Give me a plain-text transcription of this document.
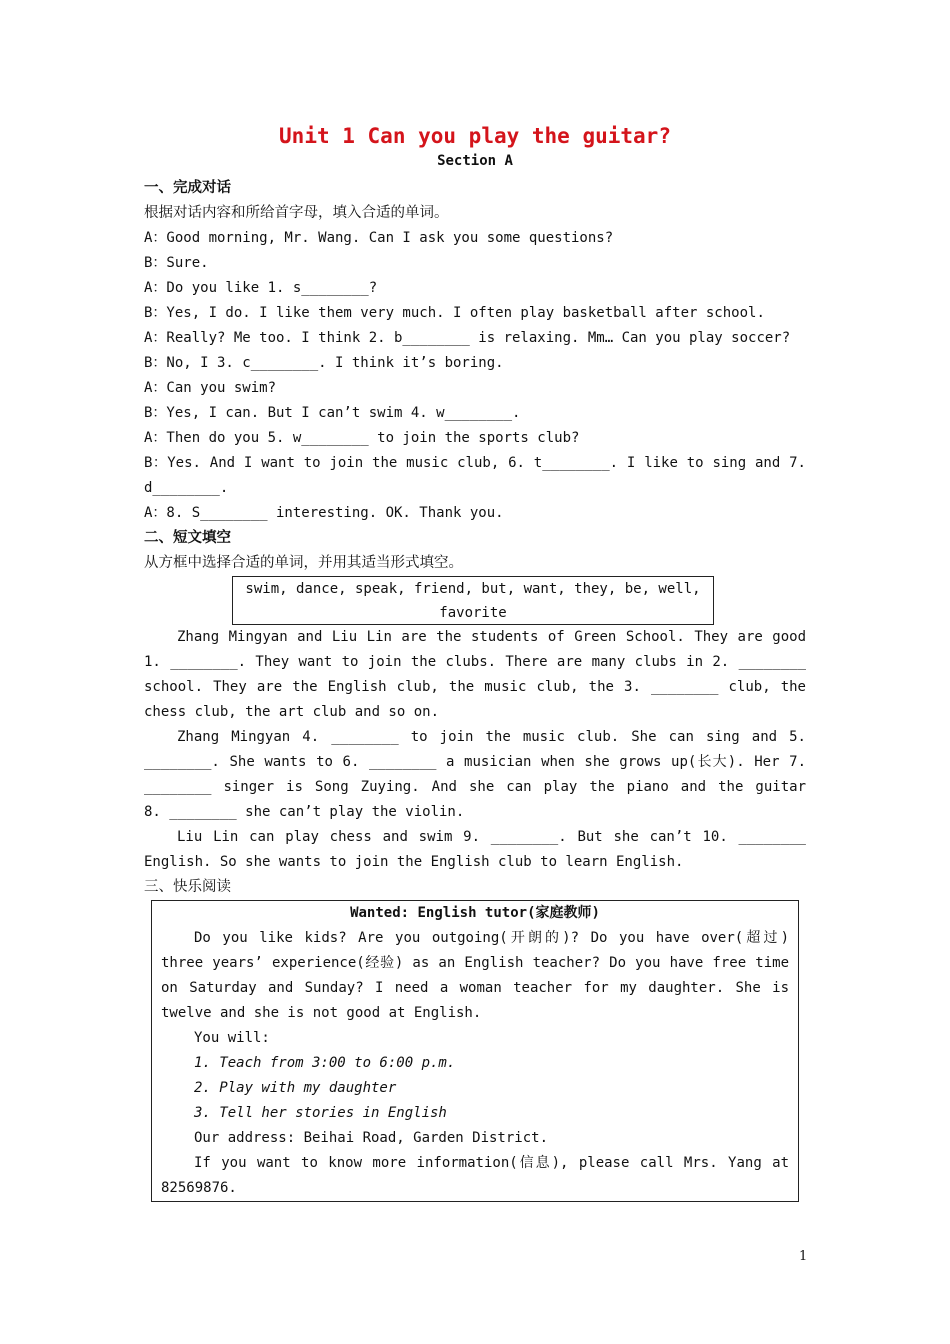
Unit 1 Can you play the guitar?
Section A
一、完成对话
根据对话内容和所给首字母，填入合适的单词。
A：Good morning, Mr. Wang. Can I ask you some questions?
B：Sure.
A：Do you like 1. s________?
B：Yes, I do. I like them very much. I often play basketball after school.
A：Really? Me too. I think 2. b________ is relaxing. Mm… Can you play soccer?
B：No, I 3. c________. I think it’s boring.
A：Can you swim?
B：Yes, I can. But I can’t swim 4. w________.
A：Then do you 5. w________ to join the sports club?
B：Yes. And I want to join the music club, 6. t________. I like to sing and 7.
d________.
A：8. S________ interesting. OK. Thank you.
二、短文填空
从方框中选择合适的单词，并用其适当形式填空。
swim, dance, speak, friend, but, want, they, be, well,
favorite
Zhang Mingyan and Liu Lin are the students of Green School. They are good
1. ________. They want to join the clubs. There are many clubs in 2. ________
school. They are the English club, the music club, the 3. ________ club, the
chess club, the art club and so on.
Zhang Mingyan 4. ________ to join the music club. She can sing and 5.
________. She wants to 6. ________ a musician when she grows up(长大). Her 7.
________ singer is Song Zuying. And she can play the piano and the guitar
8. ________ she can’t play the violin.
Liu Lin can play chess and swim 9. ________. But she can’t 10. ________
English. So she wants to join the English club to learn English.
三、快乐阅读
Wanted: English tutor(家庭教师)
Do you like kids? Are you outgoing(开朗的)? Do you have over(超过)
three years’ experience(经验) as an English teacher? Do you have free time
on Saturday and Sunday? I need a woman teacher for my daughter. She is
twelve and she is not good at English.
You will:
1. Teach from 3:00 to 6:00 p.m.
2. Play with my daughter
3. Tell her stories in English
Our address: Beihai Road, Garden District.
If you want to know more information(信息), please call Mrs. Yang at
82569876.
1
